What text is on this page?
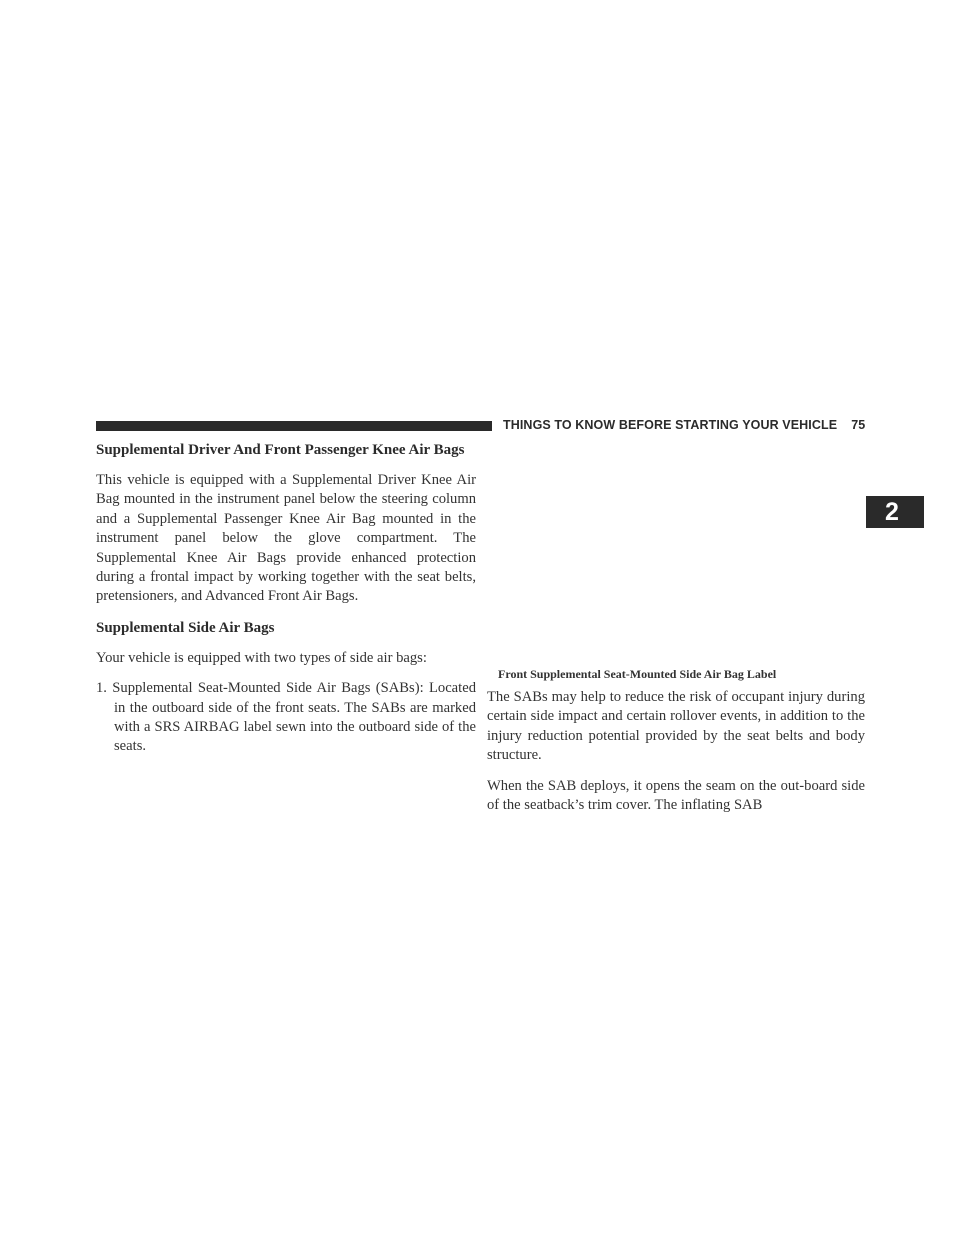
THINGS TO KNOW BEFORE STARTING YOUR VEHICLE 75
2
Supplemental Driver And Front Passenger Knee Air Bags

This vehicle is equipped with a Supplemental Driver Knee Air Bag mounted in the instrument panel below the steering column and a Supplemental Passenger Knee Air Bag mounted in the instrument panel below the glove compartment. The Supplemental Knee Air Bags provide enhanced protection during a frontal impact by working together with the seat belts, pretensioners, and Advanced Front Air Bags.

Supplemental Side Air Bags

Your vehicle is equipped with two types of side air bags:

1. Supplemental Seat-Mounted Side Air Bags (SABs): Located in the outboard side of the front seats. The SABs are marked with a SRS AIRBAG label sewn into the outboard side of the seats.
Front Supplemental Seat-Mounted Side Air Bag Label

The SABs may help to reduce the risk of occupant injury during certain side impact and certain rollover events, in addition to the injury reduction potential provided by the seat belts and body structure.

When the SAB deploys, it opens the seam on the out-board side of the seatback’s trim cover. The inflating SAB
